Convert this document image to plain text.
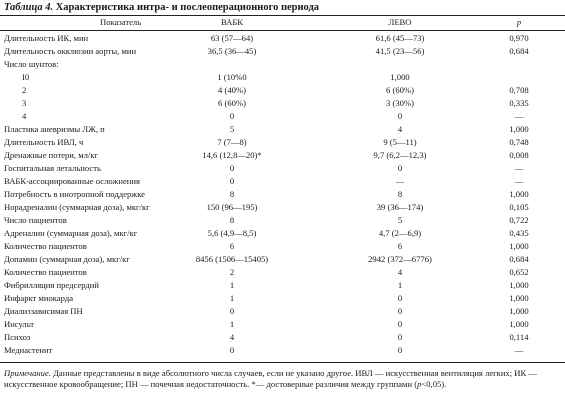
Таблица 4. Характеристика интра- и послеоперационного периода
Показатель	ВАБК	ЛЕВО	p
Длительность ИК, мин	63 (57—64)	61,6 (45—73)	0,970
Длительность окклюзии аорты, мин	36,5 (36—45)	41,5 (23—56)	0,684
Число шунтов:
I0	1 (10%0	1,000
2	4 (40%)	6 (60%)	0,708
3	6 (60%)	3 (30%)	0,335
4	0	0	—
Пластика аневризмы ЛЖ, п	5	4	1,000
Длительность ИВЛ, ч	7 (7—8)	9 (5—11)	0,748
Дренажные потери, мл/кг	14,6 (12,8—20)*	9,7 (6,2—12,3)	0,008
Госпитальная летальность	0	0	—
ВАБК-ассоциированные осложнения	0	—	—
Потребность в инотропной поддержке	8	8	1,000
Норадреналин (суммарная доза), мкг/кг	150 (96—195)	39 (36—174)	0,105
Число пациентов	8	5	0,722
Адреналин (суммарная доза), мкг/кг	5,6 (4,9—8,5)	4,7 (2—6,9)	0,435
Количество пациентов	6	6	1,000
Допамин (суммарная доза), мкг/кг	8456 (1506—15405)	2942 (372—6776)	0,684
Количество пациентов	2	4	0,652
Фибрилляция предсердий	1	1	1,000
Инфаркт миокарда	1	0	1,000
Диализзависимая ПН	0	0	1,000
Инсульт	1	0	1,000
Психоз	4	0	0,114
Медиастенит	0	0	—
Примечание. Данные представлены в виде абсолютного числа случаев, если не указано другое. ИВЛ — искусственная вентиляция легких; ИК — искусственное кровообращение; ПН — почечная недостаточность. *— достоверные различия между группами (p<0,05).
